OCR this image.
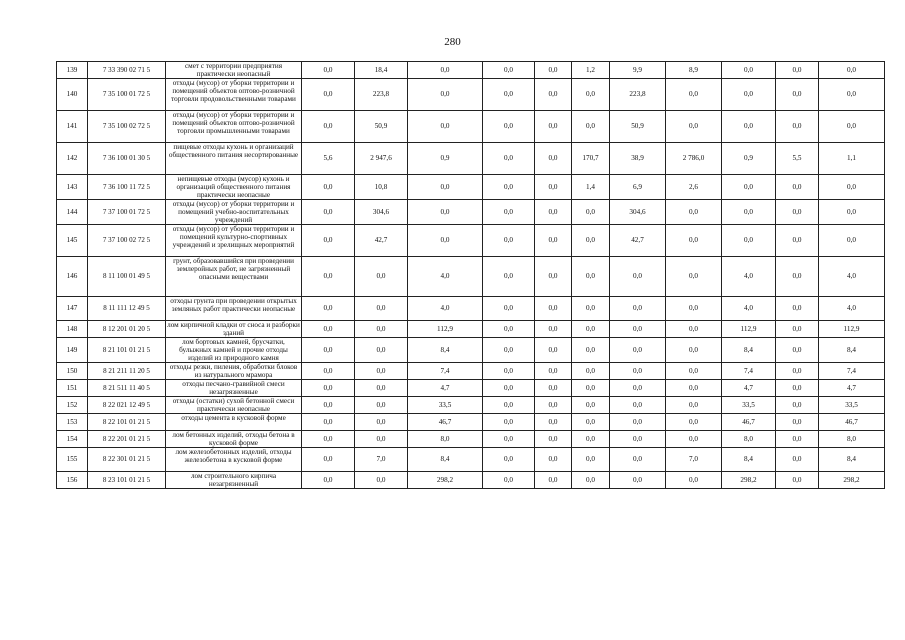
280
139	7 33 390 02 71 5	смет с территории предприятия практически неопасный	0,0	18,4	0,0	0,0	0,0	1,2	9,9	8,9	0,0	0,0	0,0
140	7 35 100 01 72 5	отходы (мусор) от уборки территории и помещений объектов оптово-розничной торговли продовольственными товарами	0,0	223,8	0,0	0,0	0,0	0,0	223,8	0,0	0,0	0,0	0,0
141	7 35 100 02 72 5	отходы (мусор) от уборки территории и помещений объектов оптово-розничной торговли промышленными товарами	0,0	50,9	0,0	0,0	0,0	0,0	50,9	0,0	0,0	0,0	0,0
142	7 36 100 01 30 5	пищевые отходы кухонь и организаций общественного питания несортированные	5,6	2 947,6	0,9	0,0	0,0	170,7	38,9	2 786,0	0,9	5,5	1,1
143	7 36 100 11 72 5	непищевые отходы (мусор) кухонь и организаций общественного питания практически неопасные	0,0	10,8	0,0	0,0	0,0	1,4	6,9	2,6	0,0	0,0	0,0
144	7 37 100 01 72 5	отходы (мусор) от уборки территории и помещений учебно-воспитательных учреждений	0,0	304,6	0,0	0,0	0,0	0,0	304,6	0,0	0,0	0,0	0,0
145	7 37 100 02 72 5	отходы (мусор) от уборки территории и помещений культурно-спортивных учреждений и зрелищных мероприятий	0,0	42,7	0,0	0,0	0,0	0,0	42,7	0,0	0,0	0,0	0,0
146	8 11 100 01 49 5	грунт, образовавшийся при проведении землеройных работ, не загрязненный опасными веществами	0,0	0,0	4,0	0,0	0,0	0,0	0,0	0,0	4,0	0,0	4,0
147	8 11 111 12 49 5	отходы грунта при проведении открытых земляных работ практически неопасные	0,0	0,0	4,0	0,0	0,0	0,0	0,0	0,0	4,0	0,0	4,0
148	8 12 201 01 20 5	лом кирпичной кладки от сноса и разборки зданий	0,0	0,0	112,9	0,0	0,0	0,0	0,0	0,0	112,9	0,0	112,9
149	8 21 101 01 21 5	лом бортовых камней, брусчатки, булыжных камней и прочие отходы изделий из природного камня	0,0	0,0	8,4	0,0	0,0	0,0	0,0	0,0	8,4	0,0	8,4
150	8 21 211 11 20 5	отходы резки, пиления, обработки блоков из натурального мрамора	0,0	0,0	7,4	0,0	0,0	0,0	0,0	0,0	7,4	0,0	7,4
151	8 21 511 11 40 5	отходы песчано-гравийной смеси незагрязненные	0,0	0,0	4,7	0,0	0,0	0,0	0,0	0,0	4,7	0,0	4,7
152	8 22 021 12 49 5	отходы (остатки) сухой бетонной смеси практически неопасные	0,0	0,0	33,5	0,0	0,0	0,0	0,0	0,0	33,5	0,0	33,5
153	8 22 101 01 21 5	отходы цемента в кусковой форме	0,0	0,0	46,7	0,0	0,0	0,0	0,0	0,0	46,7	0,0	46,7
154	8 22 201 01 21 5	лом бетонных изделий, отходы бетона в кусковой форме	0,0	0,0	8,0	0,0	0,0	0,0	0,0	0,0	8,0	0,0	8,0
155	8 22 301 01 21 5	лом железобетонных изделий, отходы железобетона в кусковой форме	0,0	7,0	8,4	0,0	0,0	0,0	0,0	7,0	8,4	0,0	8,4
156	8 23 101 01 21 5	лом строительного кирпича незагрязненный	0,0	0,0	298,2	0,0	0,0	0,0	0,0	0,0	298,2	0,0	298,2
